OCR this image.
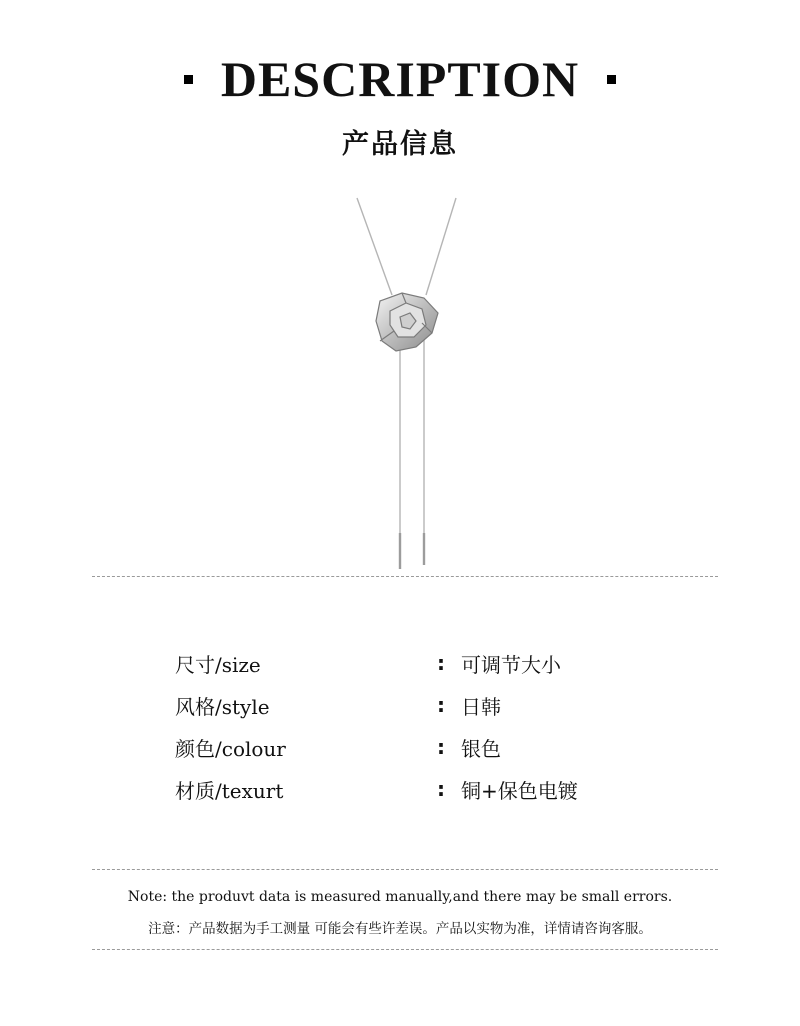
DESCRIPTION
产品信息
尺寸/size	: 可调节大小
风格/style	: 日韩
颜色/colour	: 银色
材质/texurt	: 铜+保色电镀
Note: the produvt data is measured manually,and there may be small errors.
注意：产品数据为手工测量 可能会有些许差误。产品以实物为准，详情请咨询客服。
